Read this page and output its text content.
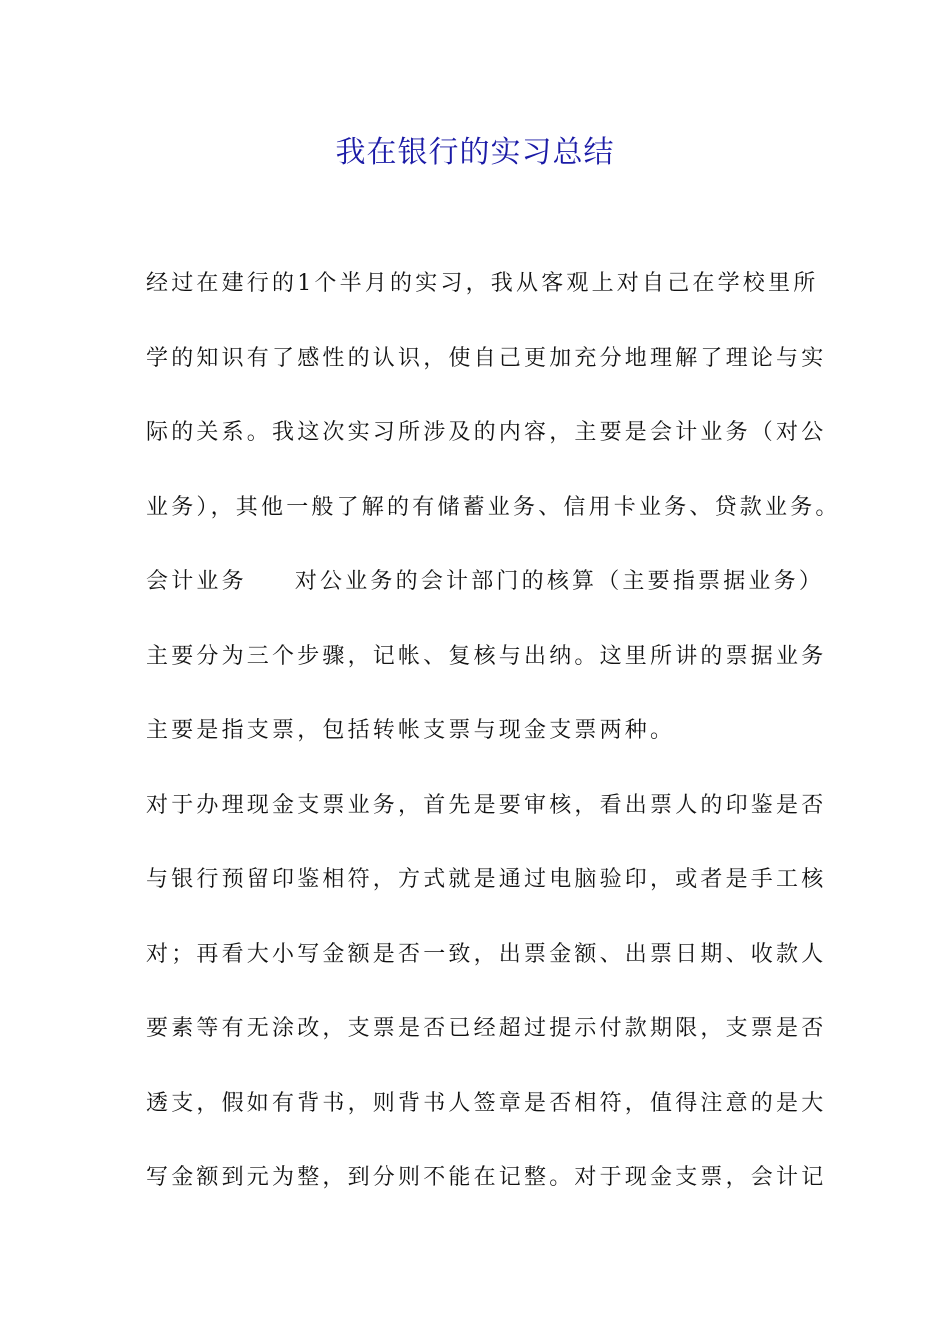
我在银行的实习总结
经过在建行的1个半月的实习，我从客观上对自己在学校里所
学的知识有了感性的认识，使自己更加充分地理解了理论与实
际的关系。我这次实习所涉及的内容，主要是会计业务（对公
业务），其他一般了解的有储蓄业务、信用卡业务、贷款业务。
会计业务 对公业务的会计部门的核算（主要指票据业务）
主要分为三个步骤，记帐、复核与出纳。这里所讲的票据业务
主要是指支票，包括转帐支票与现金支票两种。
对于办理现金支票业务，首先是要审核，看出票人的印鉴是否
与银行预留印鉴相符，方式就是通过电脑验印，或者是手工核
对；再看大小写金额是否一致，出票金额、出票日期、收款人
要素等有无涂改，支票是否已经超过提示付款期限，支票是否
透支，假如有背书，则背书人签章是否相符，值得注意的是大
写金额到元为整，到分则不能在记整。对于现金支票，会计记
